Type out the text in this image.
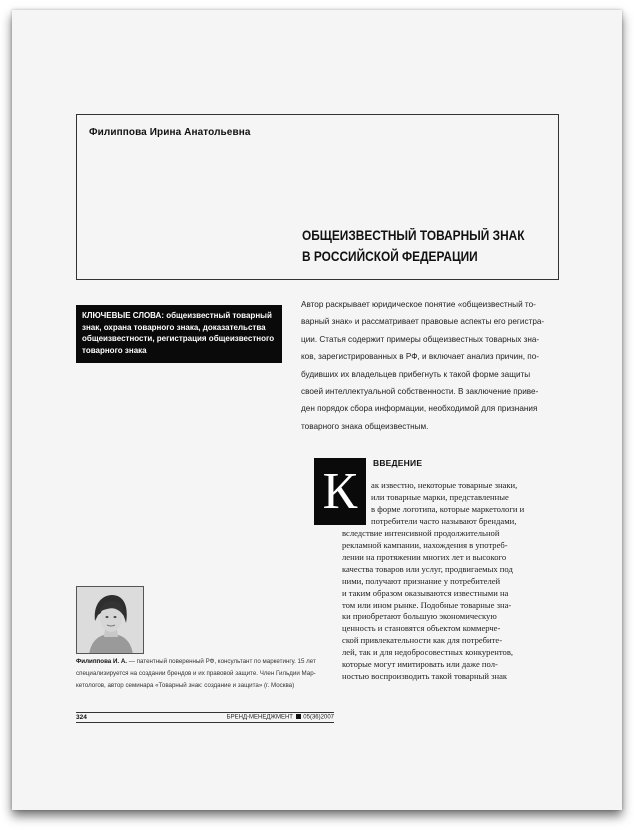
Филиппова Ирина Анатольевна
ОБЩЕИЗВЕСТНЫЙ ТОВАРНЫЙ ЗНАК
В РОССИЙСКОЙ ФЕДЕРАЦИИ
КЛЮЧЕВЫЕ СЛОВА: общеизвестный товарный
знак, охрана товарного знака, доказательства
общеизвестности, регистрация общеизвестного
товарного знака
Автор раскрывает юридическое понятие «общеизвестный то-
варный знак» и рассматривает правовые аспекты его регистра-
ции. Статья содержит примеры общеизвестных товарных зна-
ков, зарегистрированных в РФ, и включает анализ причин, по-
будивших их владельцев прибегнуть к такой форме защиты
своей интеллектуальной собственности. В заключение приве-
ден порядок сбора информации, необходимой для признания
товарного знака общеизвестным.
К	ВВЕДЕНИЕ
ак известно, некоторые товарные знаки,
или товарные марки, представленные
в форме логотипа, которые маркетологи и
потребители часто называют брендами,
вследствие интенсивной продолжительной
рекламной кампании, нахождения в употреб-
лении на протяжении многих лет и высокого
качества товаров или услуг, продвигаемых под
ними, получают признание у потребителей
и таким образом оказываются известными на
том или ином рынке. Подобные товарные зна-
ки приобретают большую экономическую
ценность и становятся объектом коммерче-
ской привлекательности как для потребите-
лей, так и для недобросовестных конкурентов,
которые могут имитировать или даже пол-
ностью воспроизводить такой товарный знак
Филиппова И. А. — патентный поверенный РФ, консультант по маркетингу. 15 лет
специализируется на создании брендов и их правовой защите. Член Гильдии Мар-
кетологов, автор семинара «Товарный знак: создание и защита» (г. Москва)
324	БРЕНД-МЕНЕДЖМЕНТ 05(36)2007
